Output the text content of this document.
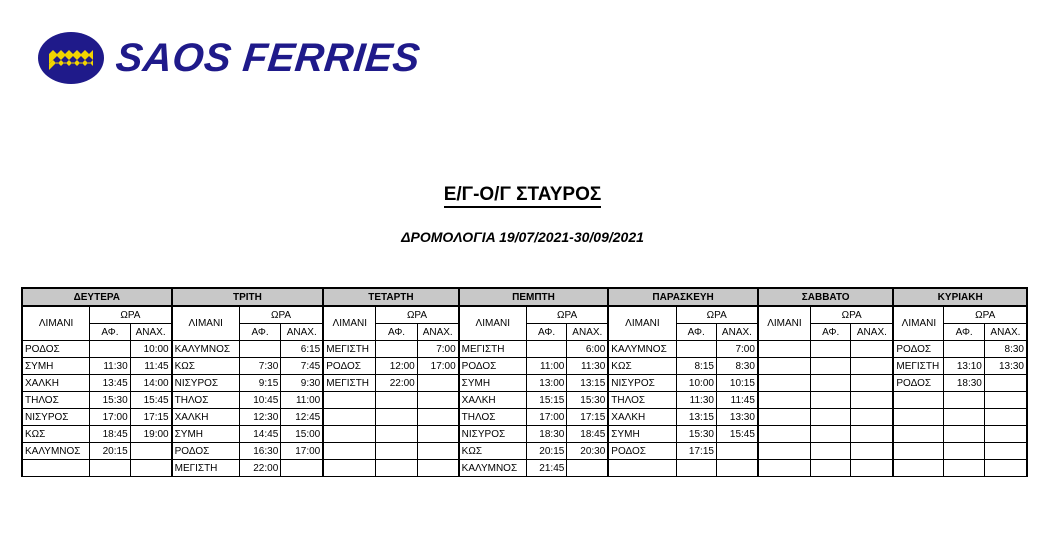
SAOS FERRIES
Ε/Γ-Ο/Γ ΣΤΑΥΡΟΣ
ΔΡΟΜΟΛΟΓΙΑ 19/07/2021-30/09/2021
ΔΕΥΤΕΡΑ			ΤΡΙΤΗ			ΤΕΤΑΡΤΗ			ΠΕΜΠΤΗ			ΠΑΡΑΣΚΕΥΗ			ΣΑΒΒΑΤΟ			ΚΥΡΙΑΚΗ		
ΛΙΜΑΝΙ	ΩΡΑ		ΛΙΜΑΝΙ	ΩΡΑ		ΛΙΜΑΝΙ	ΩΡΑ		ΛΙΜΑΝΙ	ΩΡΑ		ΛΙΜΑΝΙ	ΩΡΑ		ΛΙΜΑΝΙ	ΩΡΑ		ΛΙΜΑΝΙ	ΩΡΑ	
	ΑΦ.	ΑΝΑΧ.		ΑΦ.	ΑΝΑΧ.		ΑΦ.	ΑΝΑΧ.		ΑΦ.	ΑΝΑΧ.		ΑΦ.	ΑΝΑΧ.		ΑΦ.	ΑΝΑΧ.		ΑΦ.	ΑΝΑΧ.
ΡΟΔΟΣ		10:00	ΚΑΛΥΜΝΟΣ		6:15	ΜΕΓΙΣΤΗ		7:00	ΜΕΓΙΣΤΗ		6:00	ΚΑΛΥΜΝΟΣ		7:00				ΡΟΔΟΣ		8:30
ΣΥΜΗ	11:30	11:45	ΚΩΣ	7:30	7:45	ΡΟΔΟΣ	12:00	17:00	ΡΟΔΟΣ	11:00	11:30	ΚΩΣ	8:15	8:30				ΜΕΓΙΣΤΗ	13:10	13:30
ΧΑΛΚΗ	13:45	14:00	ΝΙΣΥΡΟΣ	9:15	9:30	ΜΕΓΙΣΤΗ	22:00		ΣΥΜΗ	13:00	13:15	ΝΙΣΥΡΟΣ	10:00	10:15				ΡΟΔΟΣ	18:30	
ΤΗΛΟΣ	15:30	15:45	ΤΗΛΟΣ	10:45	11:00				ΧΑΛΚΗ	15:15	15:30	ΤΗΛΟΣ	11:30	11:45						
ΝΙΣΥΡΟΣ	17:00	17:15	ΧΑΛΚΗ	12:30	12:45				ΤΗΛΟΣ	17:00	17:15	ΧΑΛΚΗ	13:15	13:30						
ΚΩΣ	18:45	19:00	ΣΥΜΗ	14:45	15:00				ΝΙΣΥΡΟΣ	18:30	18:45	ΣΥΜΗ	15:30	15:45						
ΚΑΛΥΜΝΟΣ	20:15		ΡΟΔΟΣ	16:30	17:00				ΚΩΣ	20:15	20:30	ΡΟΔΟΣ	17:15							
			ΜΕΓΙΣΤΗ	22:00					ΚΑΛΥΜΝΟΣ	21:45										
